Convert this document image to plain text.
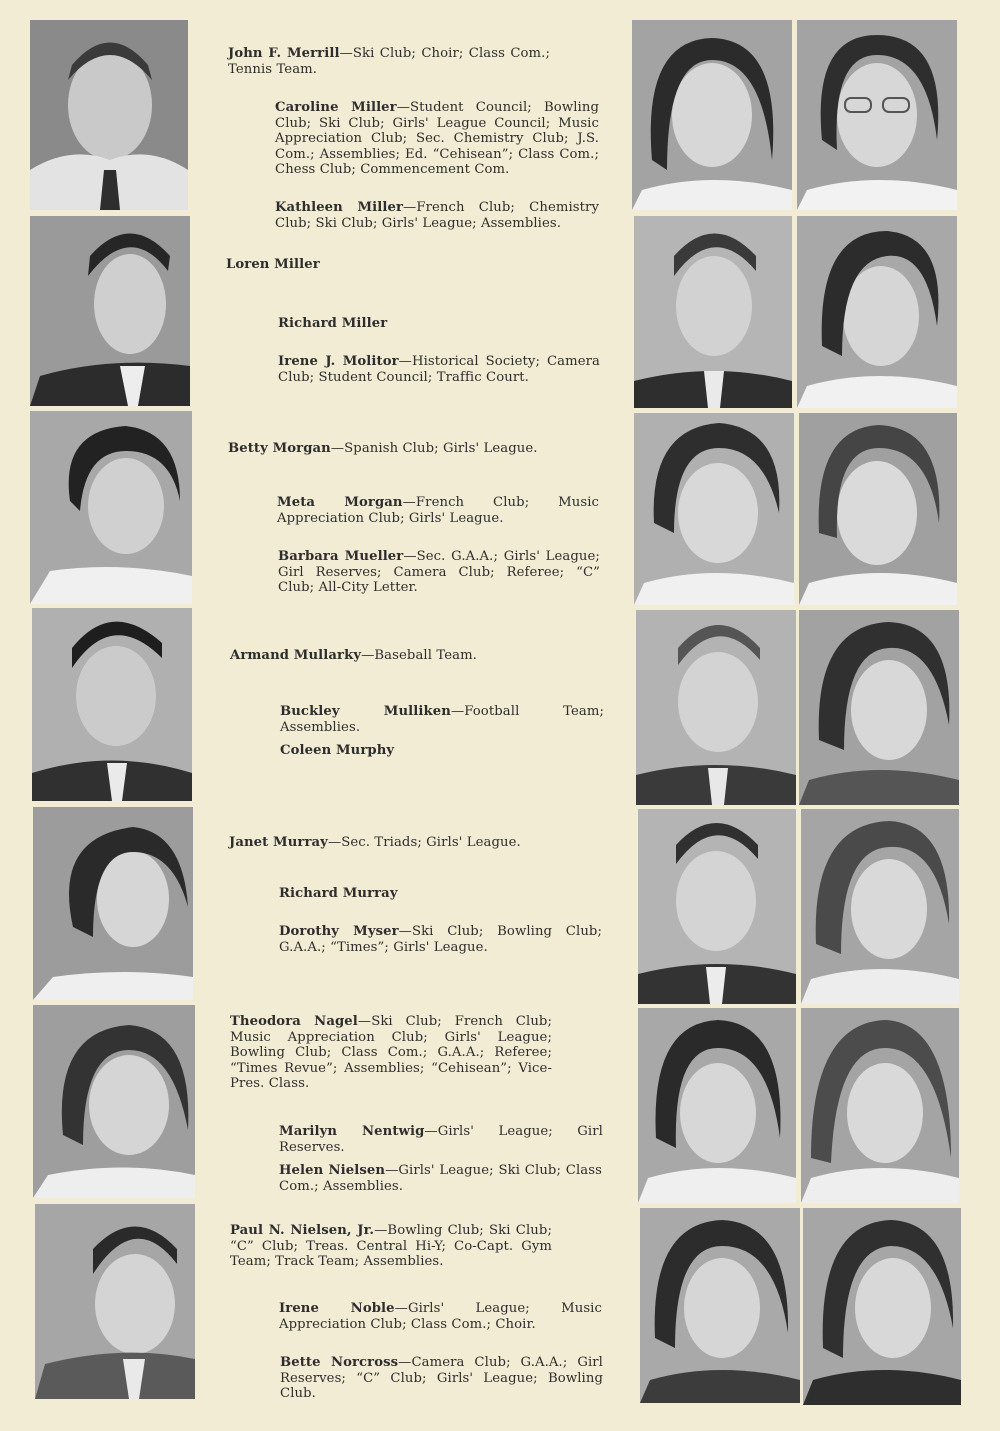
John F. Merrill—Ski Club; Choir; Class Com.; Tennis Team.
Caroline Miller—Student Council; Bowling Club; Ski Club; Girls' League Council; Music Appreciation Club; Sec. Chemistry Club; J.S. Com.; Assemblies; Ed. “Cehisean”; Class Com.; Chess Club; Commencement Com.
Kathleen Miller—French Club; Chemistry Club; Ski Club; Girls' League; Assemblies.
Loren Miller
Richard Miller
Irene J. Molitor—Historical Society; Camera Club; Student Council; Traffic Court.
Betty Morgan—Spanish Club; Girls' League.
Meta Morgan—French Club; Music Appreciation Club; Girls' League.
Barbara Mueller—Sec. G.A.A.; Girls' League; Girl Reserves; Camera Club; Referee; “C” Club; All-City Letter.
Armand Mullarky—Baseball Team.
Buckley Mulliken—Football Team; Assemblies.
Coleen Murphy
Janet Murray—Sec. Triads; Girls' League.
Richard Murray
Dorothy Myser—Ski Club; Bowling Club; G.A.A.; “Times”; Girls' League.
Theodora Nagel—Ski Club; French Club; Music Appreciation Club; Girls' League; Bowling Club; Class Com.; G.A.A.; Referee; “Times Revue”; Assemblies; “Cehisean”; Vice-Pres. Class.
Marilyn Nentwig—Girls' League; Girl Reserves.
Helen Nielsen—Girls' League; Ski Club; Class Com.; Assemblies.
Paul N. Nielsen, Jr.—Bowling Club; Ski Club; “C” Club; Treas. Central Hi-Y; Co-Capt. Gym Team; Track Team; Assemblies.
Irene Noble—Girls' League; Music Appreciation Club; Class Com.; Choir.
Bette Norcross—Camera Club; G.A.A.; Girl Reserves; “C” Club; Girls' League; Bowling Club.
